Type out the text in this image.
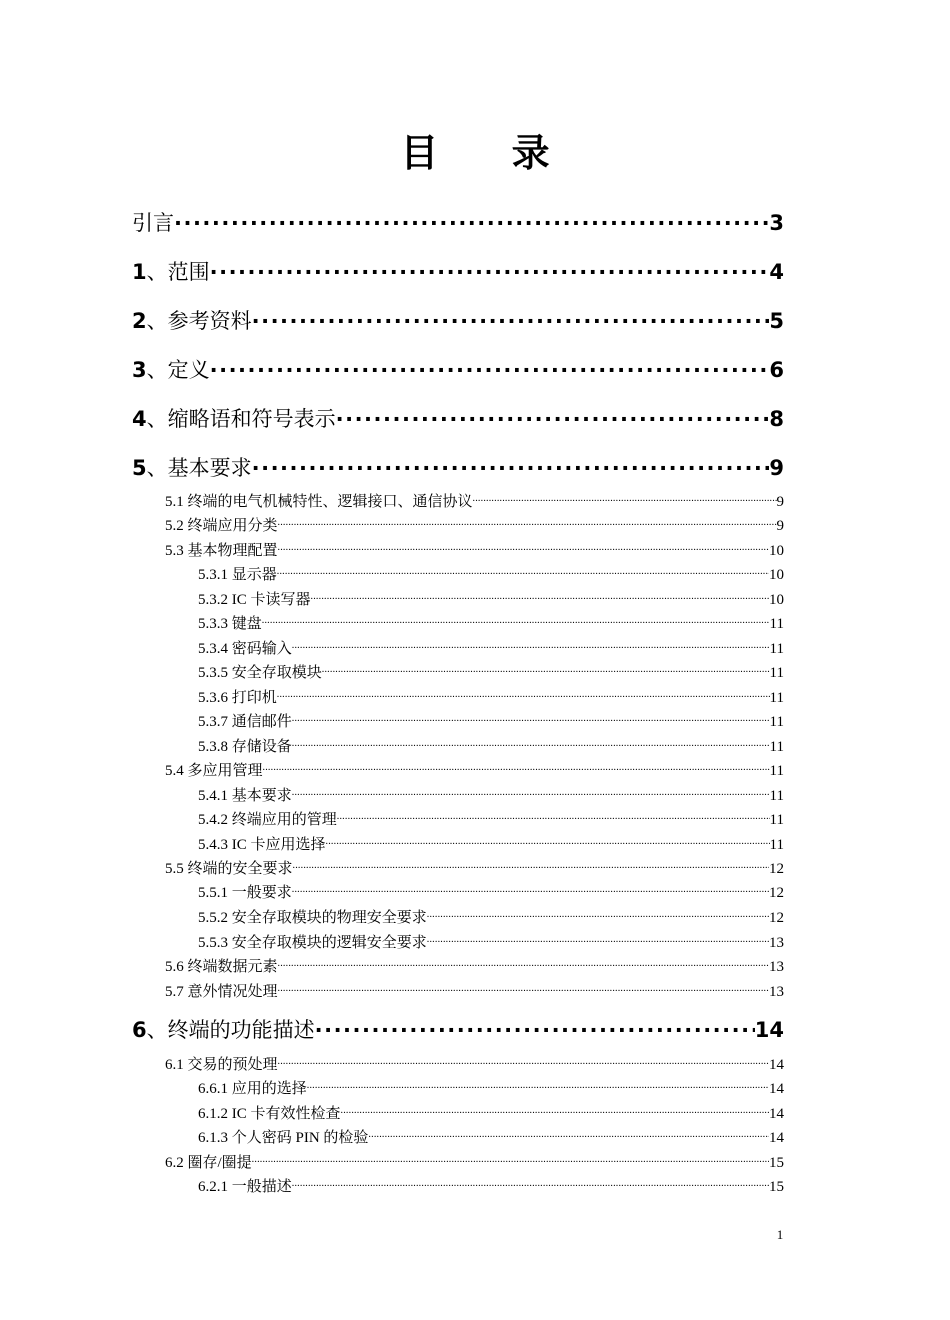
目 录
引言 .....	3
1、范围 .....	4
2、参考资料 .....	5
3、定义 .....	6
4、缩略语和符号表示 .....	8
5、基本要求 .....	9
5.1 终端的电气机械特性、逻辑接口、通信协议 .....	9
5.2 终端应用分类 .....	9
5.3 基本物理配置 .....	10
5.3.1 显示器 .....	10
5.3.2 IC 卡读写器 .....	10
5.3.3 键盘 .....	11
5.3.4 密码输入 .....	11
5.3.5 安全存取模块 .....	11
5.3.6 打印机 .....	11
5.3.7 通信邮件 .....	11
5.3.8 存储设备 .....	11
5.4 多应用管理 .....	11
5.4.1 基本要求 .....	11
5.4.2 终端应用的管理 .....	11
5.4.3 IC 卡应用选择 .....	11
5.5 终端的安全要求 .....	12
5.5.1 一般要求 .....	12
5.5.2 安全存取模块的物理安全要求 .....	12
5.5.3 安全存取模块的逻辑安全要求 .....	13
5.6 终端数据元素 .....	13
5.7 意外情况处理 .....	13
6、终端的功能描述 .....	14
6.1 交易的预处理 .....	14
6.6.1 应用的选择 .....	14
6.1.2 IC 卡有效性检查 .....	14
6.1.3 个人密码 PIN 的检验 .....	14
6.2 圈存/圈提 .....	15
6.2.1 一般描述 .....	15
1
